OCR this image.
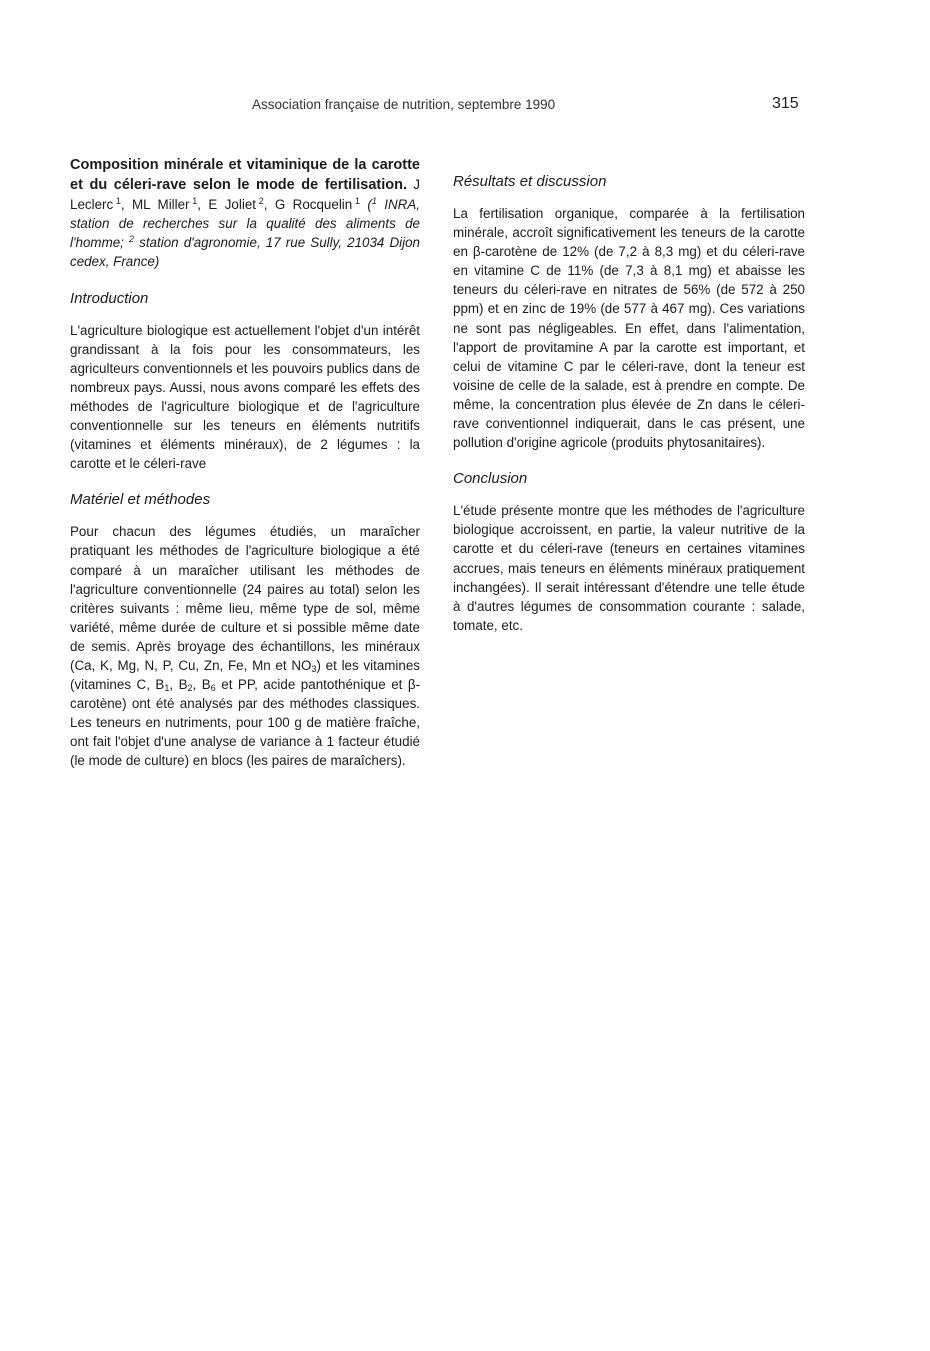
Association française de nutrition, septembre 1990	315

Composition minérale et vitaminique de la carotte et du céleri-rave selon le mode de fertilisation. J Leclerc  $^1$, ML Miller  $^1$, E Joliet  $^2$, G Rocquelin  $^1$ ($^1$ INRA, station de recherches sur la qualité des aliments de l'homme; $^2$ station d'agronomie, 17 rue Sully, 21034 Dijon cedex, France)

Introduction

L'agriculture biologique est actuellement l'objet d'un intérêt grandissant à la fois pour les consommateurs, les agriculteurs conventionnels et les pouvoirs publics dans de nombreux pays. Aussi, nous avons comparé les effets des méthodes de l'agriculture biologique et de l'agriculture conventionnelle sur les teneurs en éléments nutritifs (vitamines et éléments minéraux), de 2 légumes : la carotte et le céleri-rave

Matériel et méthodes

Pour chacun des légumes étudiés, un maraîcher pratiquant les méthodes de l'agriculture biologique a été comparé à un maraîcher utilisant les méthodes de l'agriculture conventionnelle (24 paires au total) selon les critères suivants : même lieu, même type de sol, même variété, même durée de culture et si possible même date de semis. Après broyage des échantillons, les minéraux (Ca, K, Mg, N, P, Cu, Zn, Fe, Mn et $NO_3$) et les vitamines (vitamines C, $B_1$, $B_2$, $B_6$ et PP, acide pantothénique et β-carotène) ont été analysés par des méthodes classiques. Les teneurs en nutriments, pour 100 g de matière fraîche, ont fait l'objet d'une analyse de variance à 1 facteur étudié (le mode de culture) en blocs (les paires de maraîchers).

Résultats et discussion

La fertilisation organique, comparée à la fertilisation minérale, accroît significativement les teneurs de la carotte en β-carotène de 12% (de 7,2 à 8,3 mg) et du céleri-rave en vitamine C de 11% (de 7,3 à 8,1 mg) et abaisse les teneurs du céleri-rave en nitrates de 56% (de 572 à 250 ppm) et en zinc de 19% (de 577 à 467 mg). Ces variations ne sont pas négligeables. En effet, dans l'alimentation, l'apport de provitamine A par la carotte est important, et celui de vitamine C par le céleri-rave, dont la teneur est voisine de celle de la salade, est à prendre en compte. De même, la concentration plus élevée de Zn dans le céleri-rave conventionnel indiquerait, dans le cas présent, une pollution d'origine agricole (produits phytosanitaires).

Conclusion

L'étude présente montre que les méthodes de l'agriculture biologique accroissent, en partie, la valeur nutritive de la carotte et du céleri-rave (teneurs en certaines vitamines accrues, mais teneurs en éléments minéraux pratiquement inchangées). Il serait intéressant d'étendre une telle étude à d'autres légumes de consommation courante : salade, tomate, etc.
